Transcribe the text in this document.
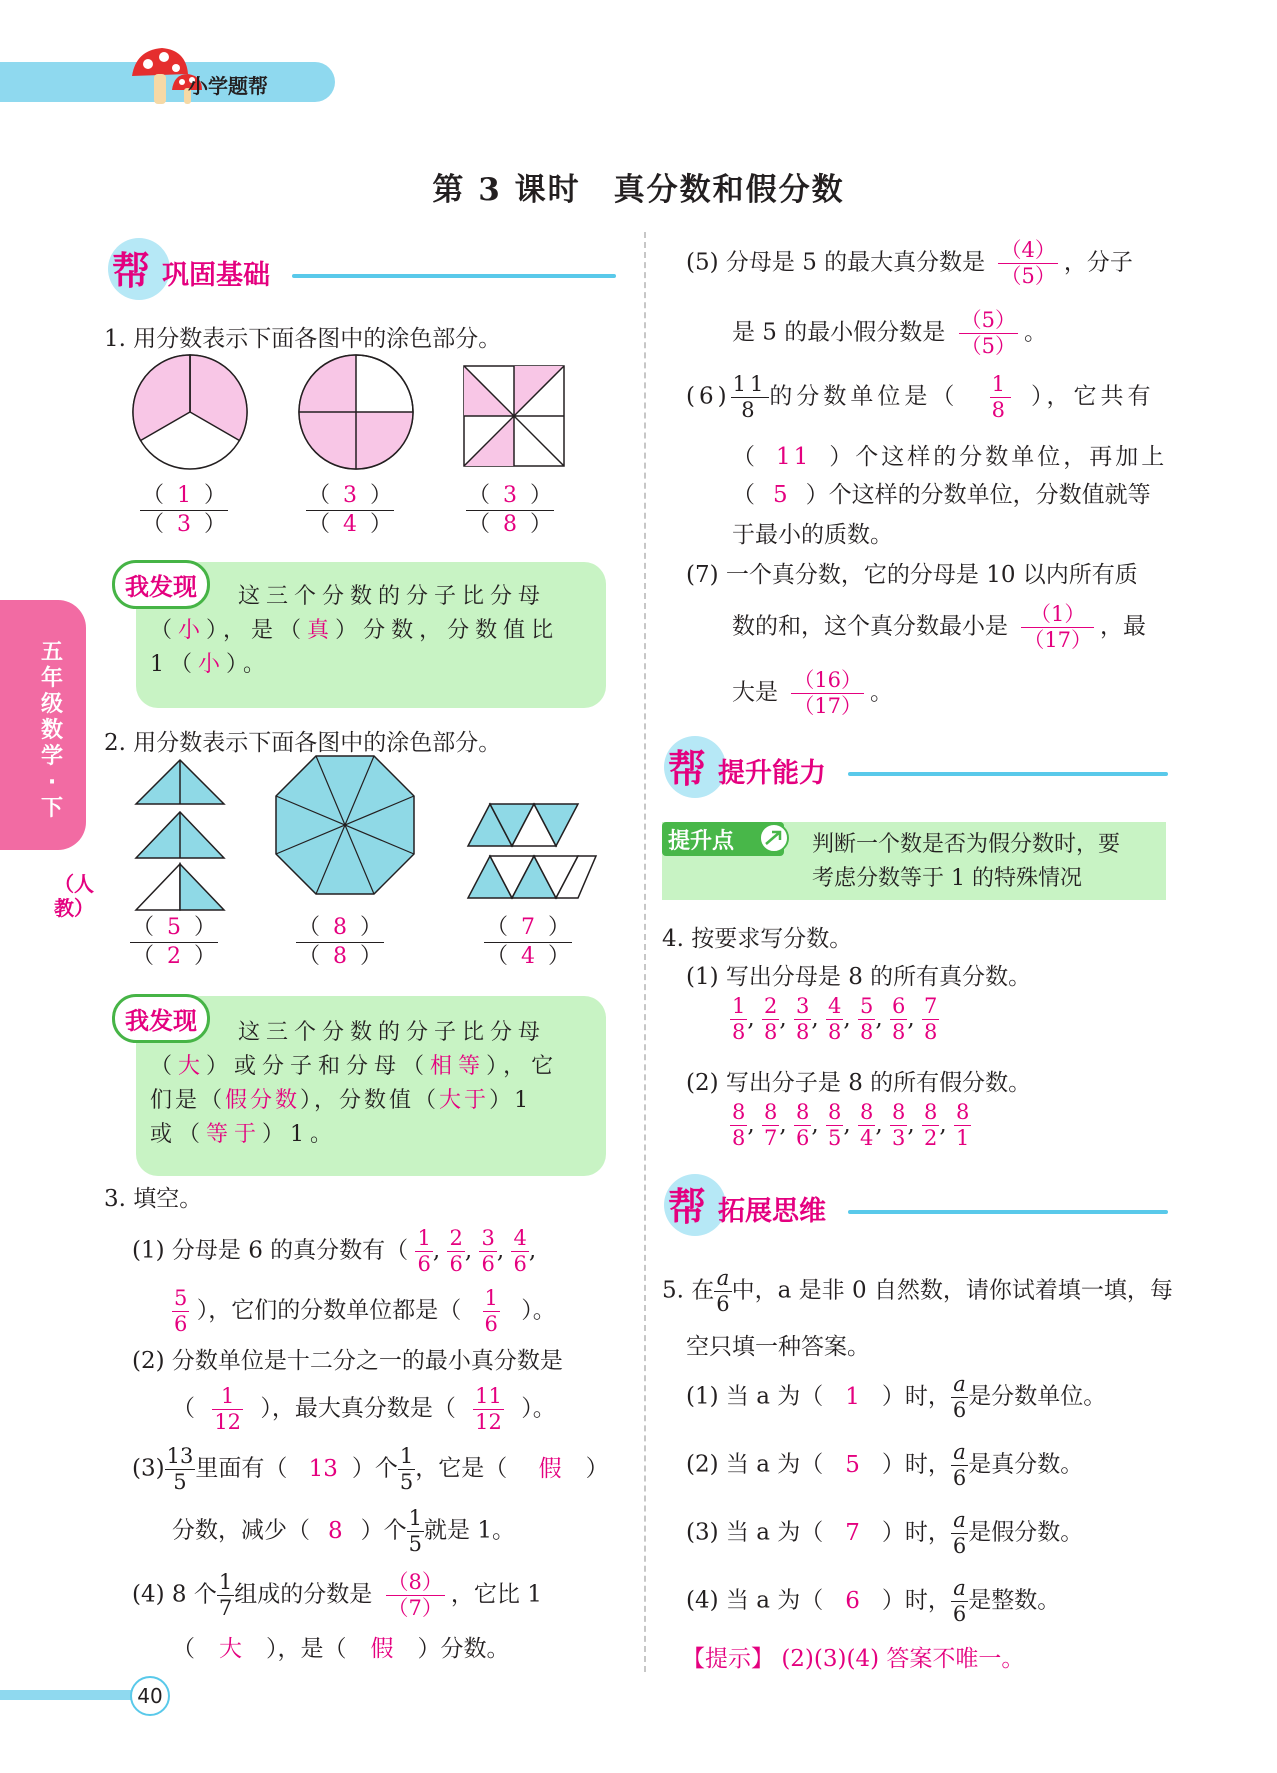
小学题帮
第 3 课时　真分数和假分数
五年级数学·下
（人教）
帮 巩固基础
1. 用分数表示下面各图中的涂色部分。
（ 1 ）
（ 3 ）
（ 3 ）
（ 4 ）
（ 3 ）
（ 8 ）
我发现	这三个分数的分子比分母
（小），是（真）分数，分数值比
1（小）。
2. 用分数表示下面各图中的涂色部分。
（ 5 ）
（ 2 ）
（ 8 ）
（ 8 ）
（ 7 ）
（ 4 ）
我发现	这三个分数的分子比分母
（大）或分子和分母（相等），它
们是（假分数），分数值（大于）1
或（等于）1。
3. 填空。
(1) 分母是 6 的真分数有（ $\frac{1}{6}$ , $\frac{2}{6}$ , $\frac{3}{6}$ , $\frac{4}{6}$ ,
$\frac{5}{6}$ ），它们的分数单位都是（ $\frac{1}{6}$ ）。
(2) 分数单位是十二分之一的最小真分数是
（ $\frac{1}{12}$ ），最大真分数是（ $\frac{11}{12}$ ）。
$(3) \frac{13}{5}$ 里面有（ 13 ）个 $\frac{1}{5}$ ，它是（ 假 ）
分数，减少（ 8 ）个 $\frac{1}{5}$ 就是 1。
(4) 8 个 $\frac{1}{7}$ 组成的分数是 $\frac{(8)}{(7)}$ ，它比 1
（ 大 ），是（ 假 ）分数。
(5) 分母是 5 的最大真分数是 $\frac{(4)}{(5)}$ ，分子
是 5 的最小假分数是 $\frac{(5)}{(5)}$ 。
$(6) \frac{11}{8}$ 的分数单位是（ $\frac{1}{8}$ ），它共有
（ 11 ）个这样的分数单位，再加上
（ 5 ）个这样的分数单位，分数值就等
于最小的质数。
(7) 一个真分数，它的分母是 10 以内所有质
数的和，这个真分数最小是 $\frac{(1)}{(17)}$ ，最
大是 $\frac{(16)}{(17)}$ 。
帮 提升能力
提升点	判断一个数是否为假分数时，要
考虑分数等于 1 的特殊情况
4. 按要求写分数。
(1) 写出分母是 8 的所有真分数。
$\frac{1}{8}$ , $\frac{2}{8}$ , $\frac{3}{8}$ , $\frac{4}{8}$ , $\frac{5}{8}$ , $\frac{6}{8}$ , $\frac{7}{8}$
(2) 写出分子是 8 的所有假分数。
$\frac{8}{8}$ , $\frac{8}{7}$ , $\frac{8}{6}$ , $\frac{8}{5}$ , $\frac{8}{4}$ , $\frac{8}{3}$ , $\frac{8}{2}$ , $\frac{8}{1}$
帮 拓展思维
5. 在 $\frac{a}{6}$ 中，a 是非 0 自然数，请你试着填一填，每
空只填一种答案。
(1) 当 a 为（ 1 ）时， $\frac{a}{6}$ 是分数单位。
(2) 当 a 为（ 5 ）时， $\frac{a}{6}$ 是真分数。
(3) 当 a 为（ 7 ）时， $\frac{a}{6}$ 是假分数。
(4) 当 a 为（ 6 ）时， $\frac{a}{6}$ 是整数。
【提示】 (2)(3)(4) 答案不唯一。
40
